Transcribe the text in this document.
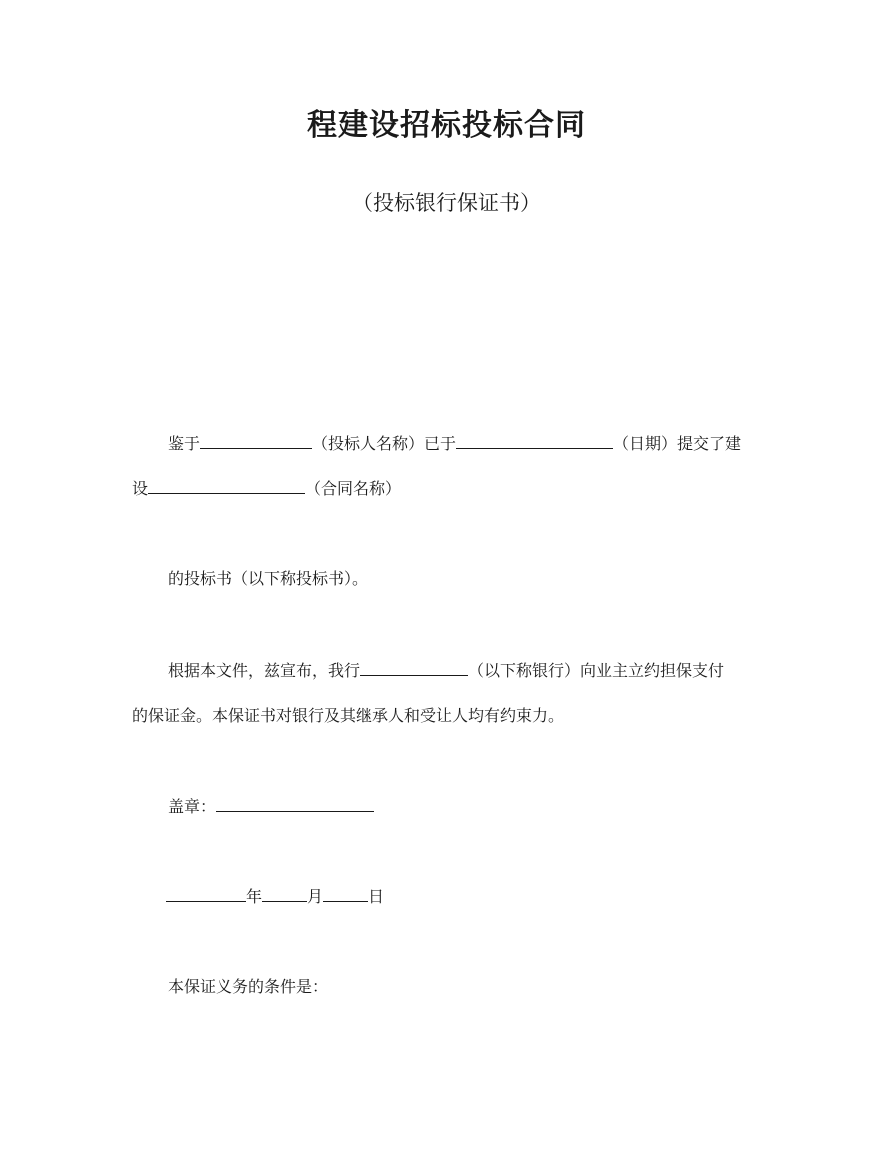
程建设招标投标合同
（投标银行保证书）
鉴于	（投标人名称）已于	（日期）提交了建
设	（合同名称）
的投标书（以下称投标书）。
根据本文件，兹宣布，我行	（以下称银行）向业主立约担保支付
的保证金。本保证书对银行及其继承人和受让人均有约束力。
盖章：
年	月	日
本保证义务的条件是：
